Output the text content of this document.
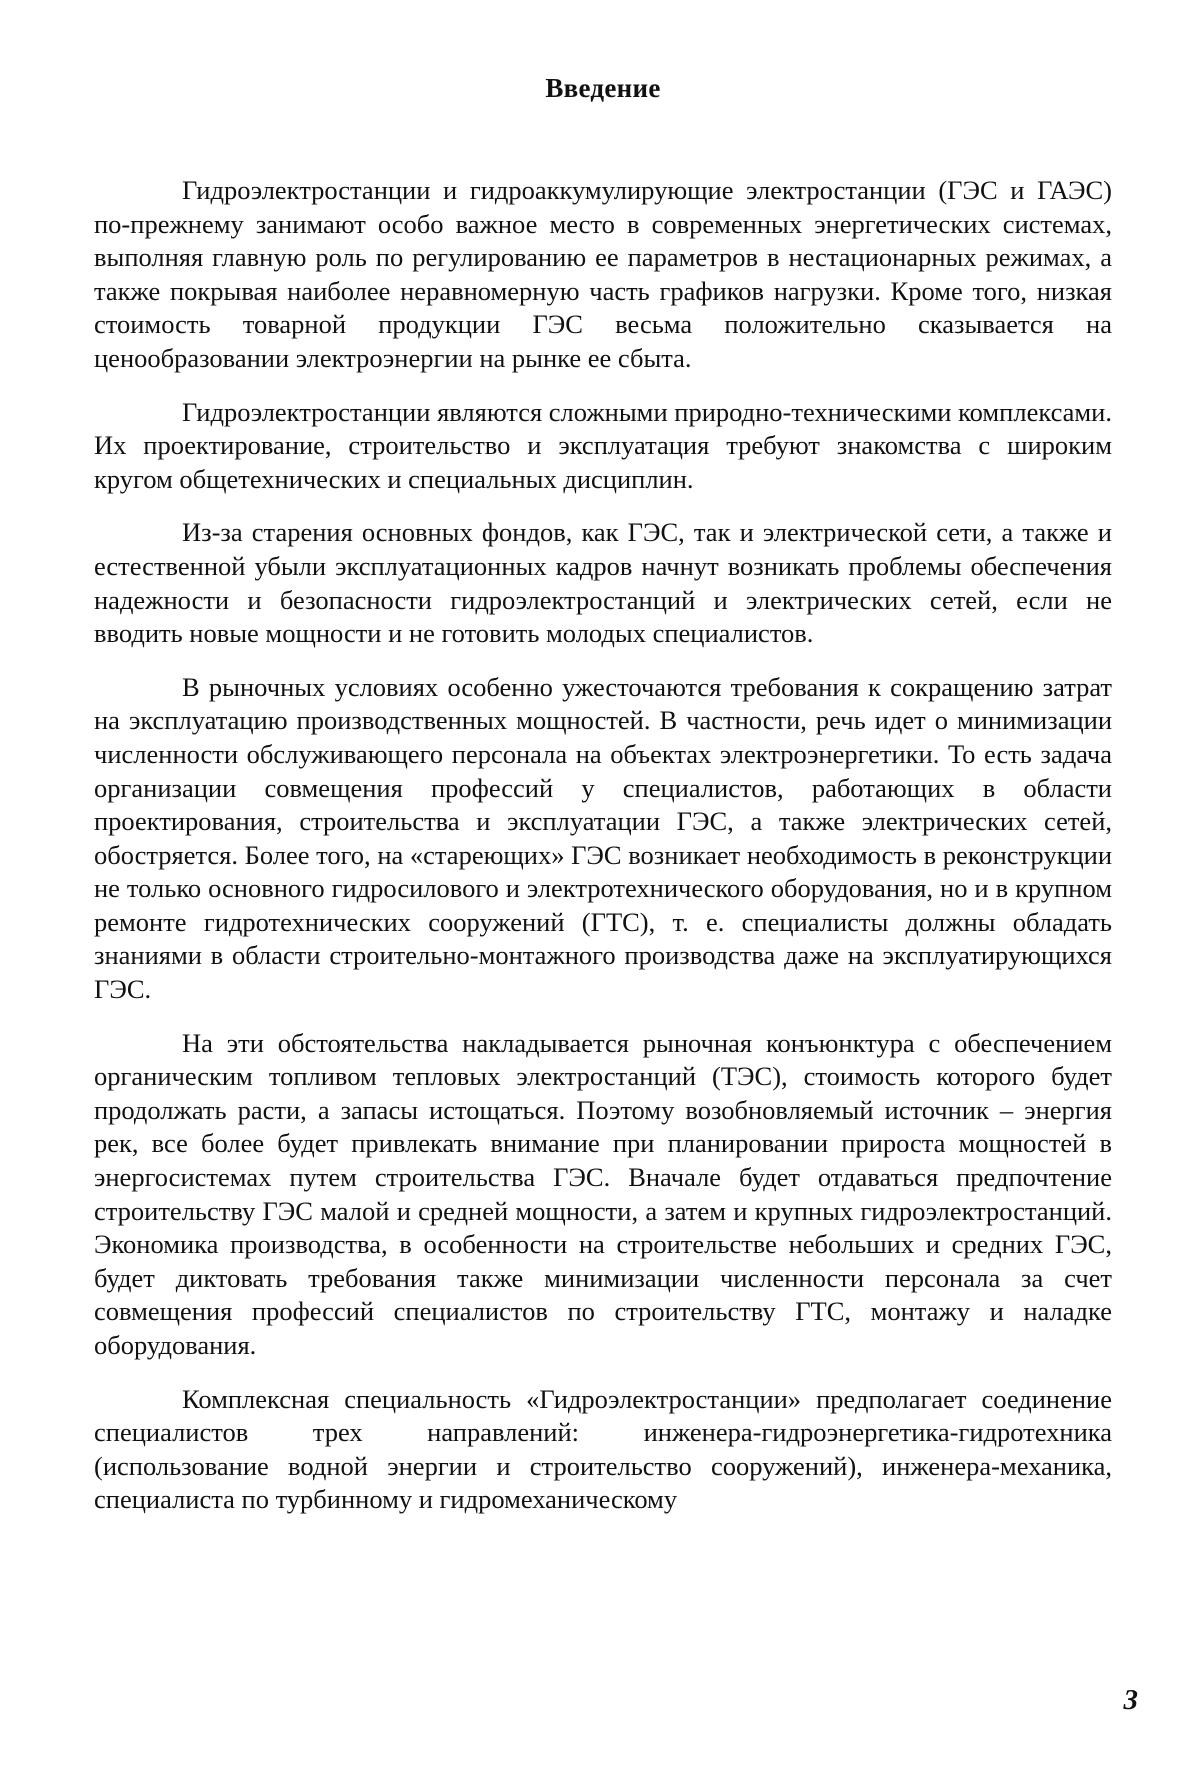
Введение

Гидроэлектростанции и гидроаккумулирующие электростанции (ГЭС и ГАЭС) по-прежнему занимают особо важное место в современных энергетических системах, выполняя главную роль по регулированию ее параметров в нестационарных режимах, а также покрывая наиболее неравномерную часть графиков нагрузки. Кроме того, низкая стоимость товарной продукции ГЭС весьма положительно сказывается на ценообразовании электроэнергии на рынке ее сбыта.

Гидроэлектростанции являются сложными природно-техническими комплексами. Их проектирование, строительство и эксплуатация требуют знакомства с широким кругом общетехнических и специальных дисциплин.

Из-за старения основных фондов, как ГЭС, так и электрической сети, а также и естественной убыли эксплуатационных кадров начнут возникать проблемы обеспечения надежности и безопасности гидроэлектростанций и электрических сетей, если не вводить новые мощности и не готовить молодых специалистов.

В рыночных условиях особенно ужесточаются требования к сокращению затрат на эксплуатацию производственных мощностей. В частности, речь идет о минимизации численности обслуживающего персонала на объектах электроэнергетики. То есть задача организации совмещения профессий у специалистов, работающих в области проектирования, строительства и эксплуатации ГЭС, а также электрических сетей, обостряется. Более того, на «стареющих» ГЭС возникает необходимость в реконструкции не только основного гидросилового и электротехнического оборудования, но и в крупном ремонте гидротехнических сооружений (ГТС), т. е. специалисты должны обладать знаниями в области строительно-монтажного производства даже на эксплуатирующихся ГЭС.

На эти обстоятельства накладывается рыночная конъюнктура с обеспечением органическим топливом тепловых электростанций (ТЭС), стоимость которого будет продолжать расти, а запасы истощаться. Поэтому возобновляемый источник – энергия рек, все более будет привлекать внимание при планировании прироста мощностей в энергосистемах путем строительства ГЭС. Вначале будет отдаваться предпочтение строительству ГЭС малой и средней мощности, а затем и крупных гидроэлектростанций. Экономика производства, в особенности на строительстве небольших и средних ГЭС, будет диктовать требования также минимизации численности персонала за счет совмещения профессий специалистов по строительству ГТС, монтажу и наладке оборудования.

Комплексная специальность «Гидроэлектростанции» предполагает соединение специалистов трех направлений: инженера-гидроэнергетика-гидротехника (использование водной энергии и строительство сооружений), инженера-механика, специалиста по турбинному и гидромеханическому

3
